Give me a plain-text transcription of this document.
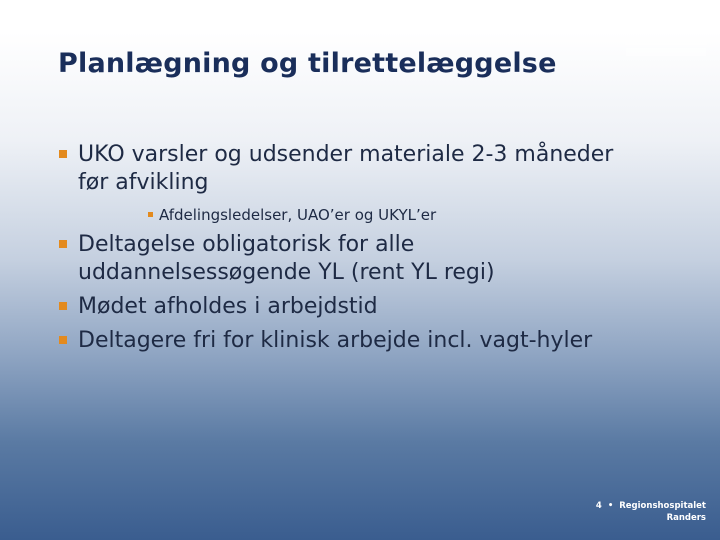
Planlægning og tilrettelæggelse
UKO varsler og udsender materiale 2-3 måneder før afvikling
Afdelingsledelser, UAO’er og UKYL’er
Deltagelse obligatorisk for alle uddannelsessøgende YL (rent YL regi)
Mødet afholdes i arbejdstid
Deltagere fri for klinisk arbejde incl. vagt-hyler
4 • Regionshospitalet
Randers
